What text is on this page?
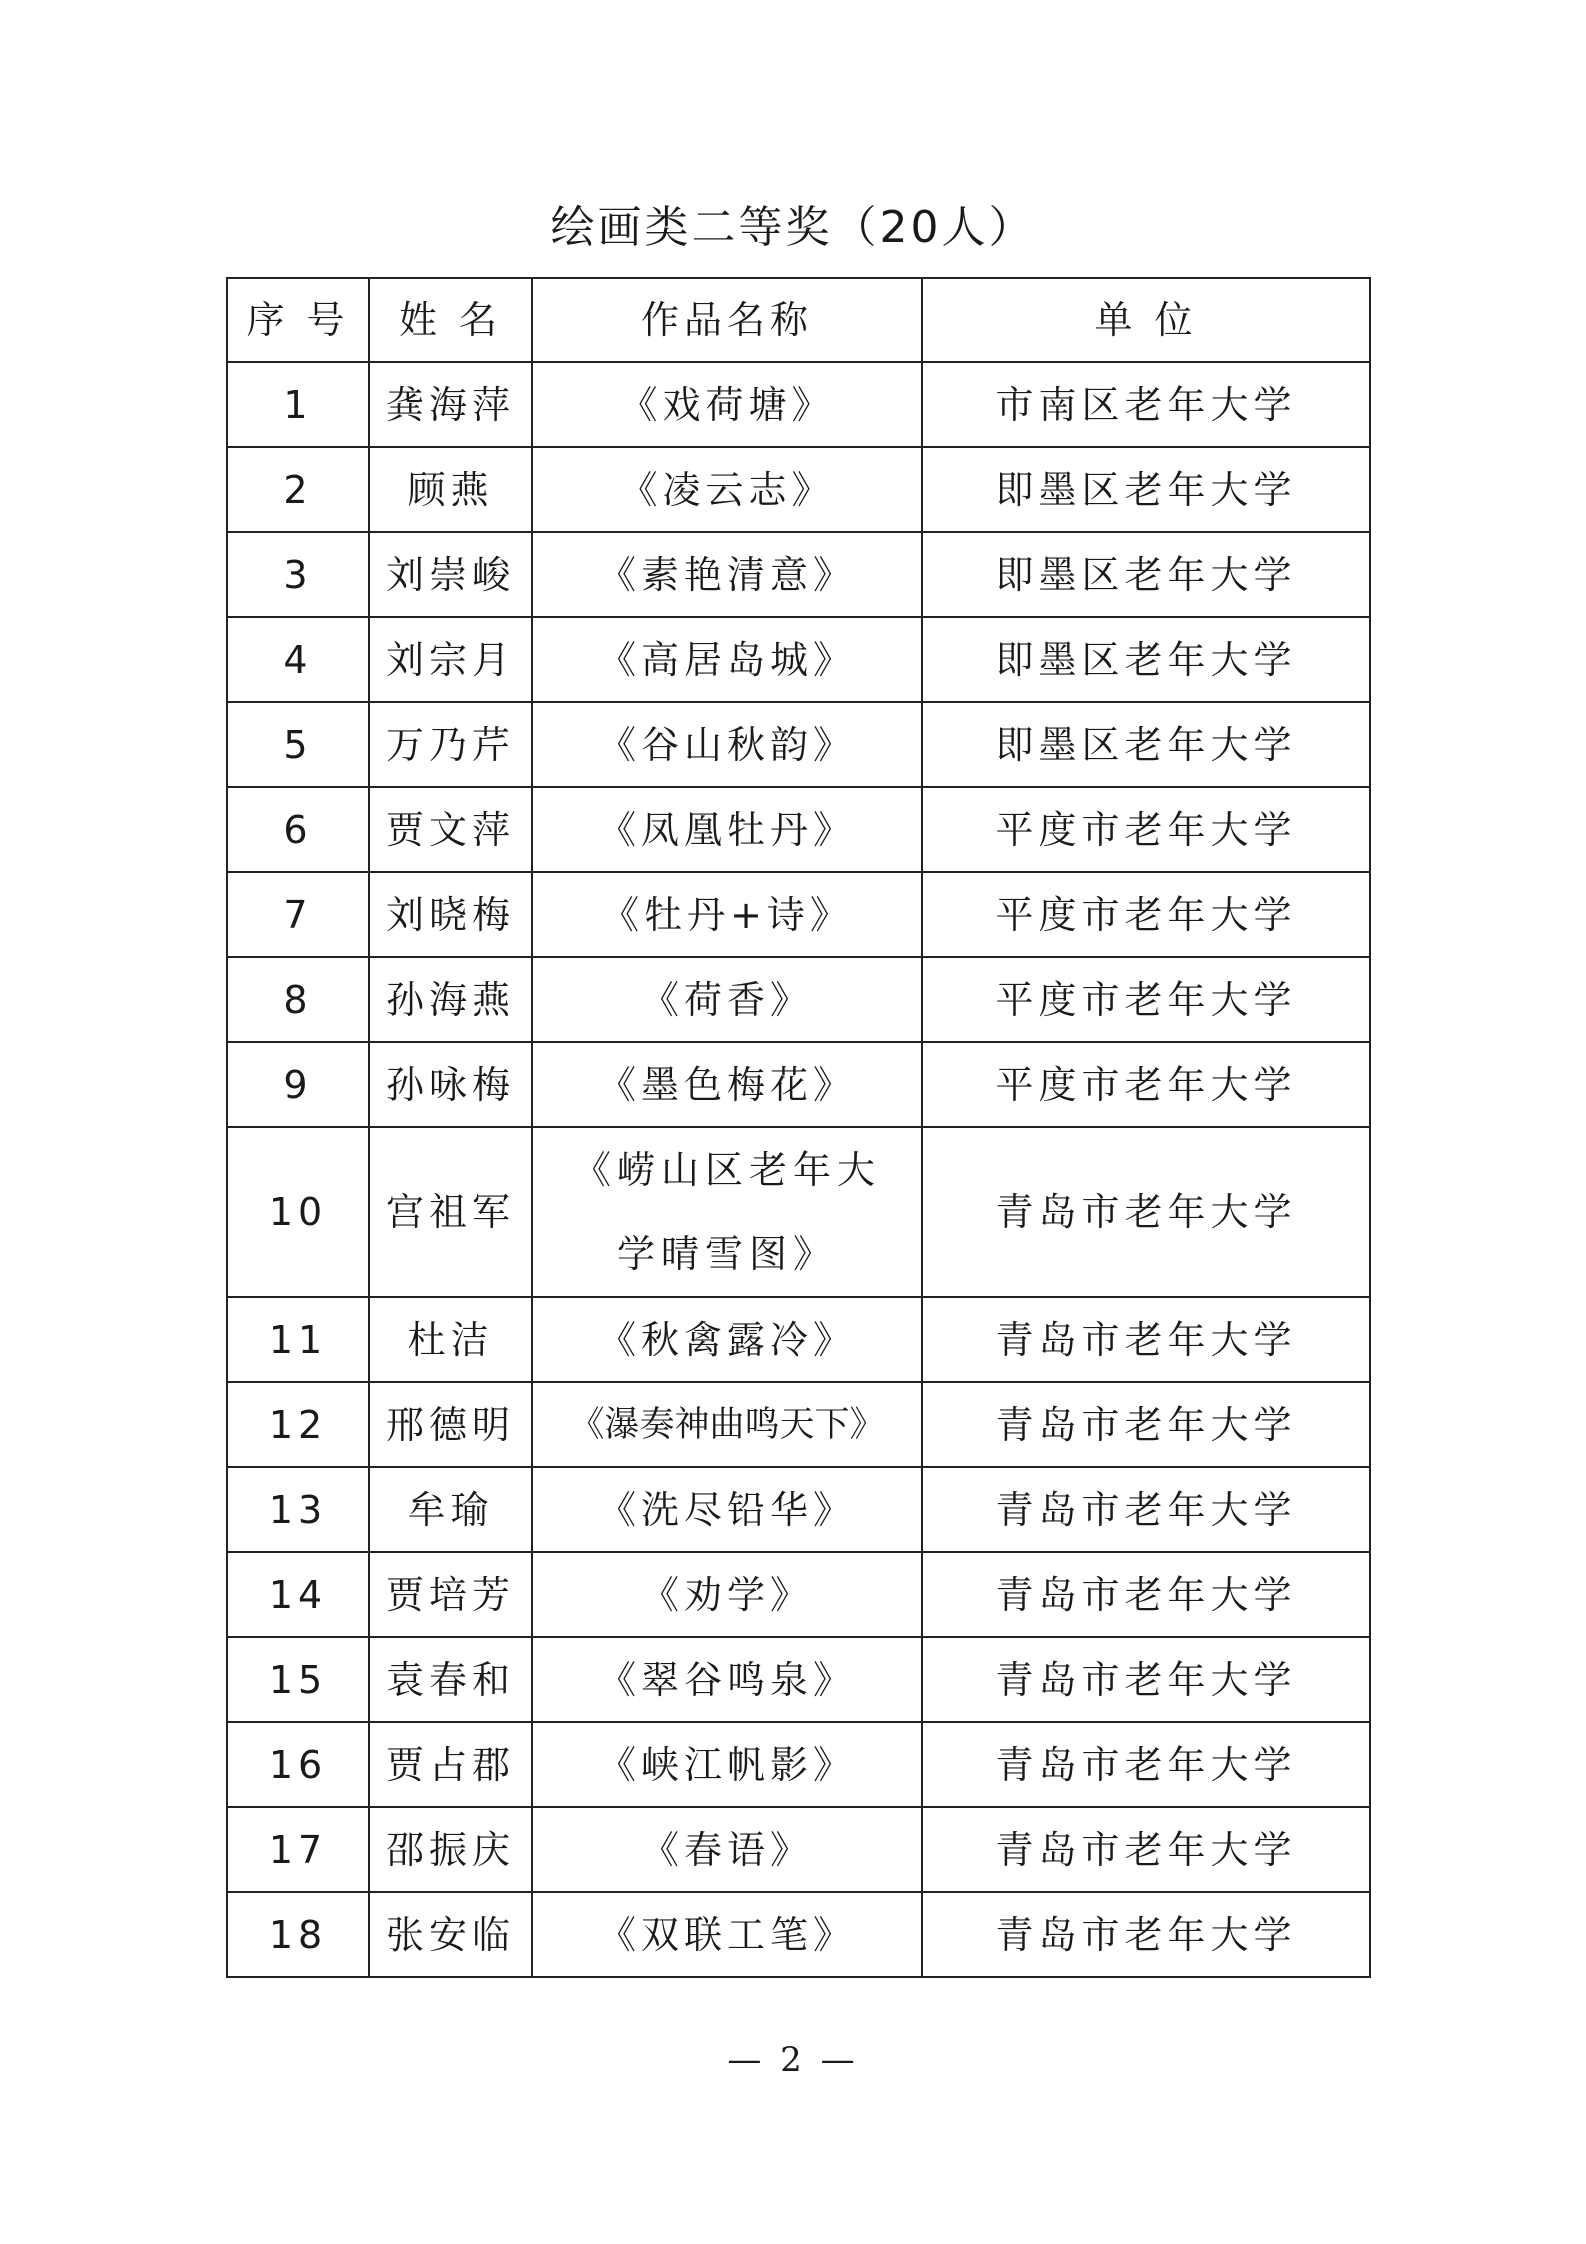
绘画类二等奖（20人）
序 号	姓 名	作品名称	单 位
1	龚海萍	《戏荷塘》	市南区老年大学
2	顾燕	《凌云志》	即墨区老年大学
3	刘崇峻	《素艳清意》	即墨区老年大学
4	刘宗月	《高居岛城》	即墨区老年大学
5	万乃芹	《谷山秋韵》	即墨区老年大学
6	贾文萍	《凤凰牡丹》	平度市老年大学
7	刘晓梅	《牡丹+诗》	平度市老年大学
8	孙海燕	《荷香》	平度市老年大学
9	孙咏梅	《墨色梅花》	平度市老年大学
10	宫祖军	《崂山区老年大学晴雪图》	青岛市老年大学
11	杜洁	《秋禽露冷》	青岛市老年大学
12	邢德明	《瀑奏神曲鸣天下》	青岛市老年大学
13	牟瑜	《洗尽铅华》	青岛市老年大学
14	贾培芳	《劝学》	青岛市老年大学
15	袁春和	《翠谷鸣泉》	青岛市老年大学
16	贾占郡	《峡江帆影》	青岛市老年大学
17	邵振庆	《春语》	青岛市老年大学
18	张安临	《双联工笔》	青岛市老年大学
— 2 —
